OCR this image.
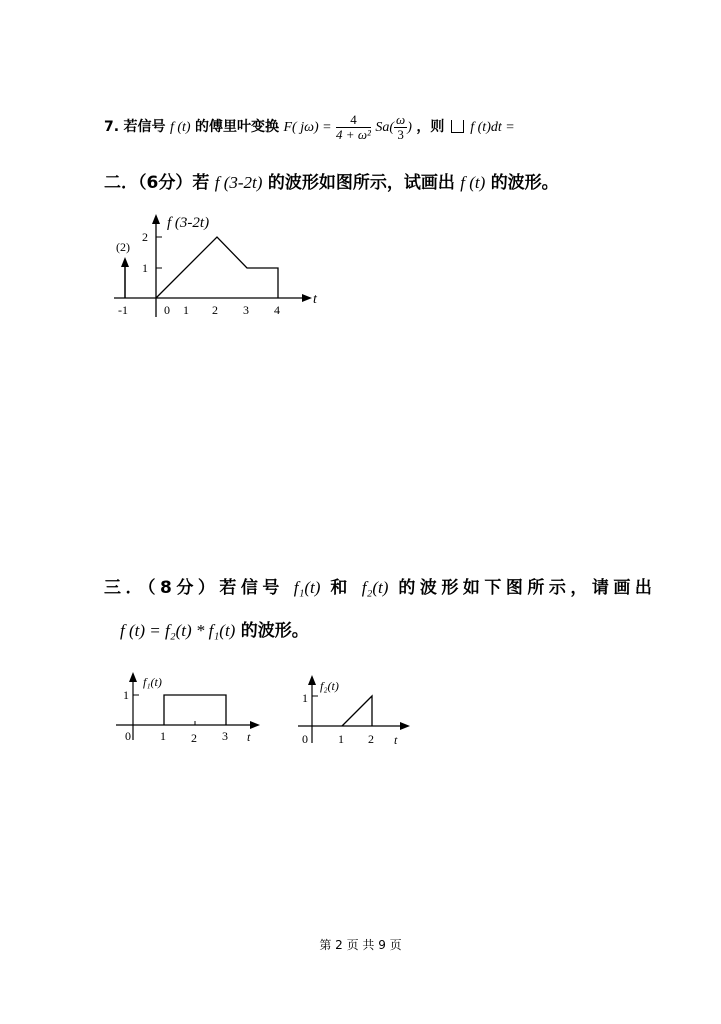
7. 若信号 f (t) 的傅里叶变换 F( $j\omega) = \frac{4}{\text{4 + ω²}} Sa( \frac{\omega}{3}$ ) ，则 f (t)dt =
二．（6分）若 f (3-2t) 的波形如图所示，试画出 f (t) 的波形。
f (3-2t)
t
(2)
2
1
-1	0 1 2 3 4
三．（8分）若信号 f₁(t) 和 f₂(t) 的波形如下图所示，请画出
f (t) = f₂(t) * f₁(t) 的波形。
f₁(t)
1
0 1 2 3 t
f₂(t)
1
0	1 2 t
第 2 页 共 9 页
